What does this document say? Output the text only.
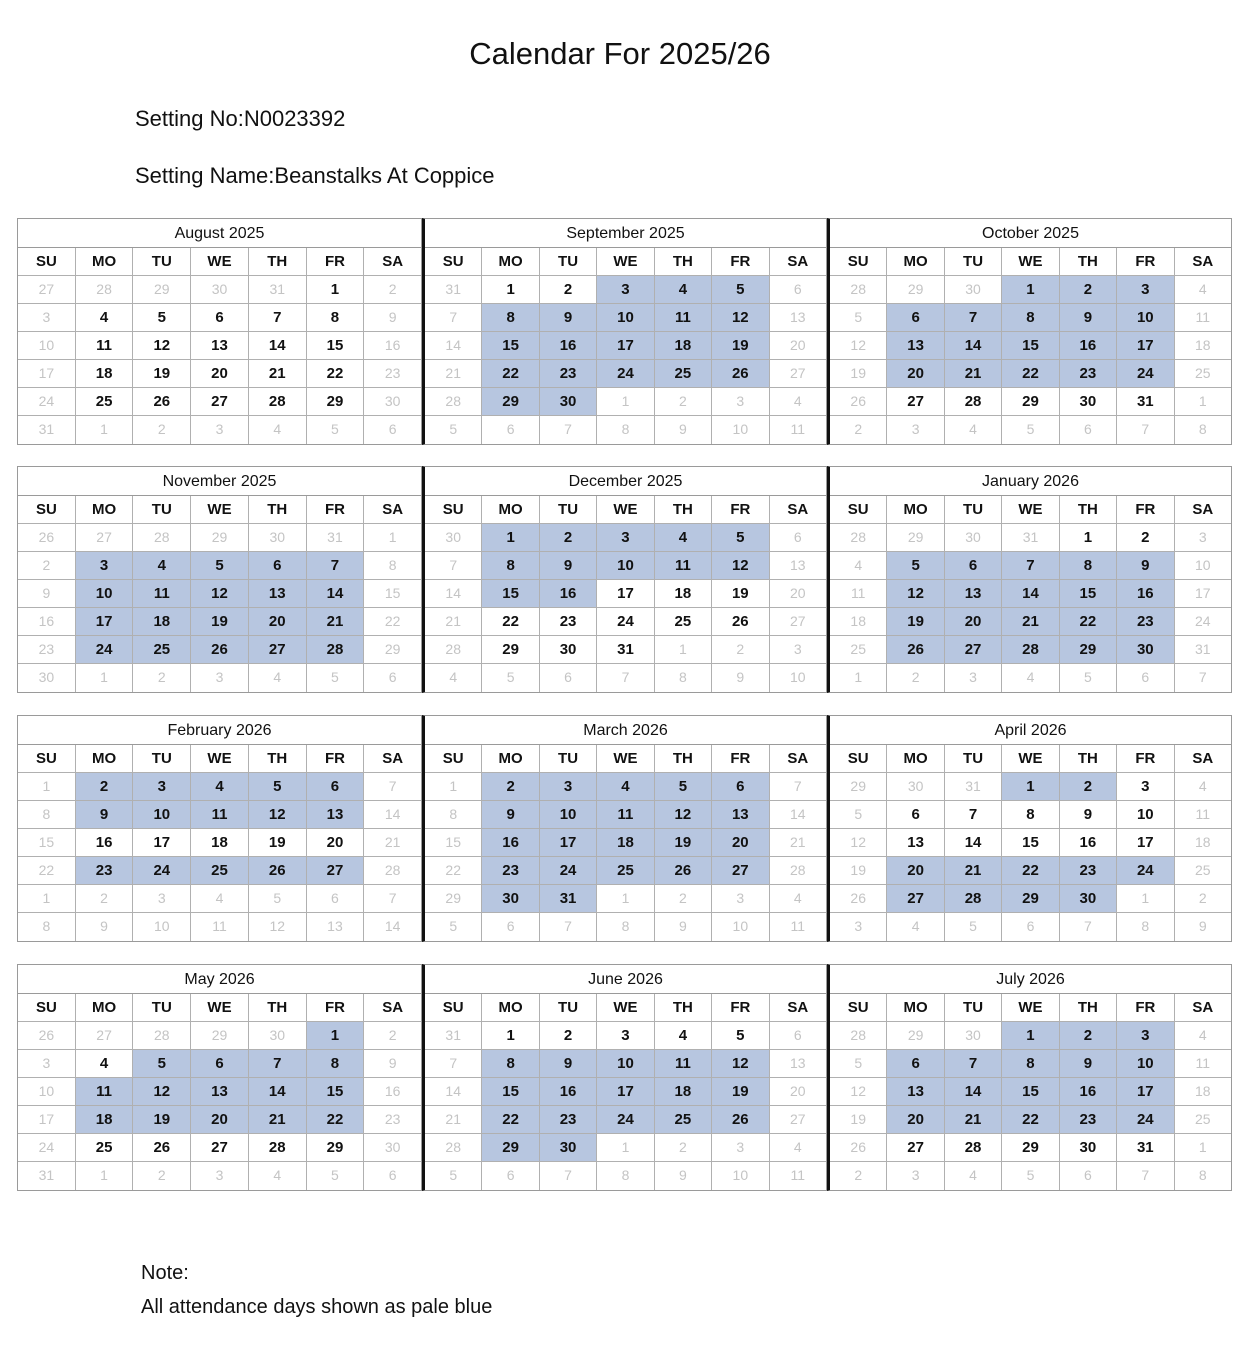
Calendar For 2025/26
Setting No:N0023392
Setting Name:Beanstalks At Coppice
August 2025
SU	MO	TU	WE	TH	FR	SA
27	28	29	30	31	1	2
3	4	5	6	7	8	9
10	11	12	13	14	15	16
17	18	19	20	21	22	23
24	25	26	27	28	29	30
31	1	2	3	4	5	6
September 2025
SU	MO	TU	WE	TH	FR	SA
31	1	2	3	4	5	6
7	8	9	10	11	12	13
14	15	16	17	18	19	20
21	22	23	24	25	26	27
28	29	30	1	2	3	4
5	6	7	8	9	10	11
October 2025
SU	MO	TU	WE	TH	FR	SA
28	29	30	1	2	3	4
5	6	7	8	9	10	11
12	13	14	15	16	17	18
19	20	21	22	23	24	25
26	27	28	29	30	31	1
2	3	4	5	6	7	8
November 2025
SU	MO	TU	WE	TH	FR	SA
26	27	28	29	30	31	1
2	3	4	5	6	7	8
9	10	11	12	13	14	15
16	17	18	19	20	21	22
23	24	25	26	27	28	29
30	1	2	3	4	5	6
December 2025
SU	MO	TU	WE	TH	FR	SA
30	1	2	3	4	5	6
7	8	9	10	11	12	13
14	15	16	17	18	19	20
21	22	23	24	25	26	27
28	29	30	31	1	2	3
4	5	6	7	8	9	10
January 2026
SU	MO	TU	WE	TH	FR	SA
28	29	30	31	1	2	3
4	5	6	7	8	9	10
11	12	13	14	15	16	17
18	19	20	21	22	23	24
25	26	27	28	29	30	31
1	2	3	4	5	6	7
February 2026
SU	MO	TU	WE	TH	FR	SA
1	2	3	4	5	6	7
8	9	10	11	12	13	14
15	16	17	18	19	20	21
22	23	24	25	26	27	28
1	2	3	4	5	6	7
8	9	10	11	12	13	14
March 2026
SU	MO	TU	WE	TH	FR	SA
1	2	3	4	5	6	7
8	9	10	11	12	13	14
15	16	17	18	19	20	21
22	23	24	25	26	27	28
29	30	31	1	2	3	4
5	6	7	8	9	10	11
April 2026
SU	MO	TU	WE	TH	FR	SA
29	30	31	1	2	3	4
5	6	7	8	9	10	11
12	13	14	15	16	17	18
19	20	21	22	23	24	25
26	27	28	29	30	1	2
3	4	5	6	7	8	9
May 2026
SU	MO	TU	WE	TH	FR	SA
26	27	28	29	30	1	2
3	4	5	6	7	8	9
10	11	12	13	14	15	16
17	18	19	20	21	22	23
24	25	26	27	28	29	30
31	1	2	3	4	5	6
June 2026
SU	MO	TU	WE	TH	FR	SA
31	1	2	3	4	5	6
7	8	9	10	11	12	13
14	15	16	17	18	19	20
21	22	23	24	25	26	27
28	29	30	1	2	3	4
5	6	7	8	9	10	11
July 2026
SU	MO	TU	WE	TH	FR	SA
28	29	30	1	2	3	4
5	6	7	8	9	10	11
12	13	14	15	16	17	18
19	20	21	22	23	24	25
26	27	28	29	30	31	1
2	3	4	5	6	7	8
Note:
All attendance days shown as pale blue
